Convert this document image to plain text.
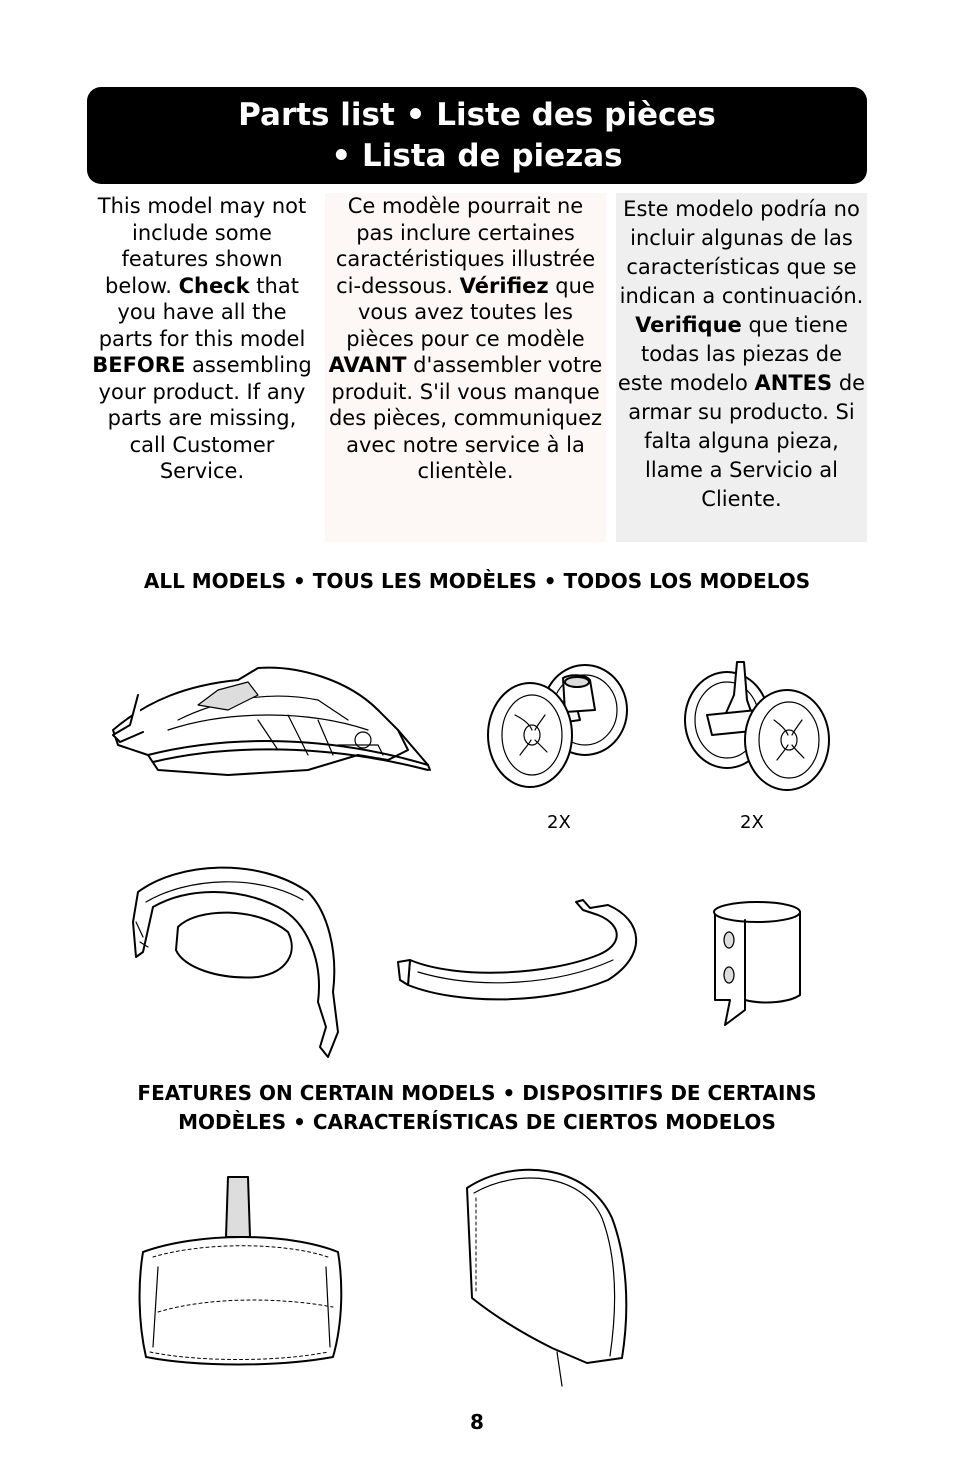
Parts list • Liste des pièces
• Lista de piezas

This model may not include some features shown below. Check that you have all the parts for this model BEFORE assembling your product. If any parts are missing, call Customer Service.

Ce modèle pourrait ne pas inclure certaines caractéristiques illustrée ci-dessous. Vérifiez que vous avez toutes les pièces pour ce modèle AVANT d'assembler votre produit. S'il vous manque des pièces, communiquez avec notre service à la clientèle.

Este modelo podría no incluir algunas de las características que se indican a continuación. Verifique que tiene todas las piezas de este modelo ANTES de armar su producto. Si falta alguna pieza, llame a Servicio al Cliente.

ALL MODELS • TOUS LES MODÈLES • TODOS LOS MODELOS
2X	2X
FEATURES ON CERTAIN MODELS • DISPOSITIFS DE CERTAINS
MODÈLES • CARACTERÍSTICAS DE CIERTOS MODELOS
8
